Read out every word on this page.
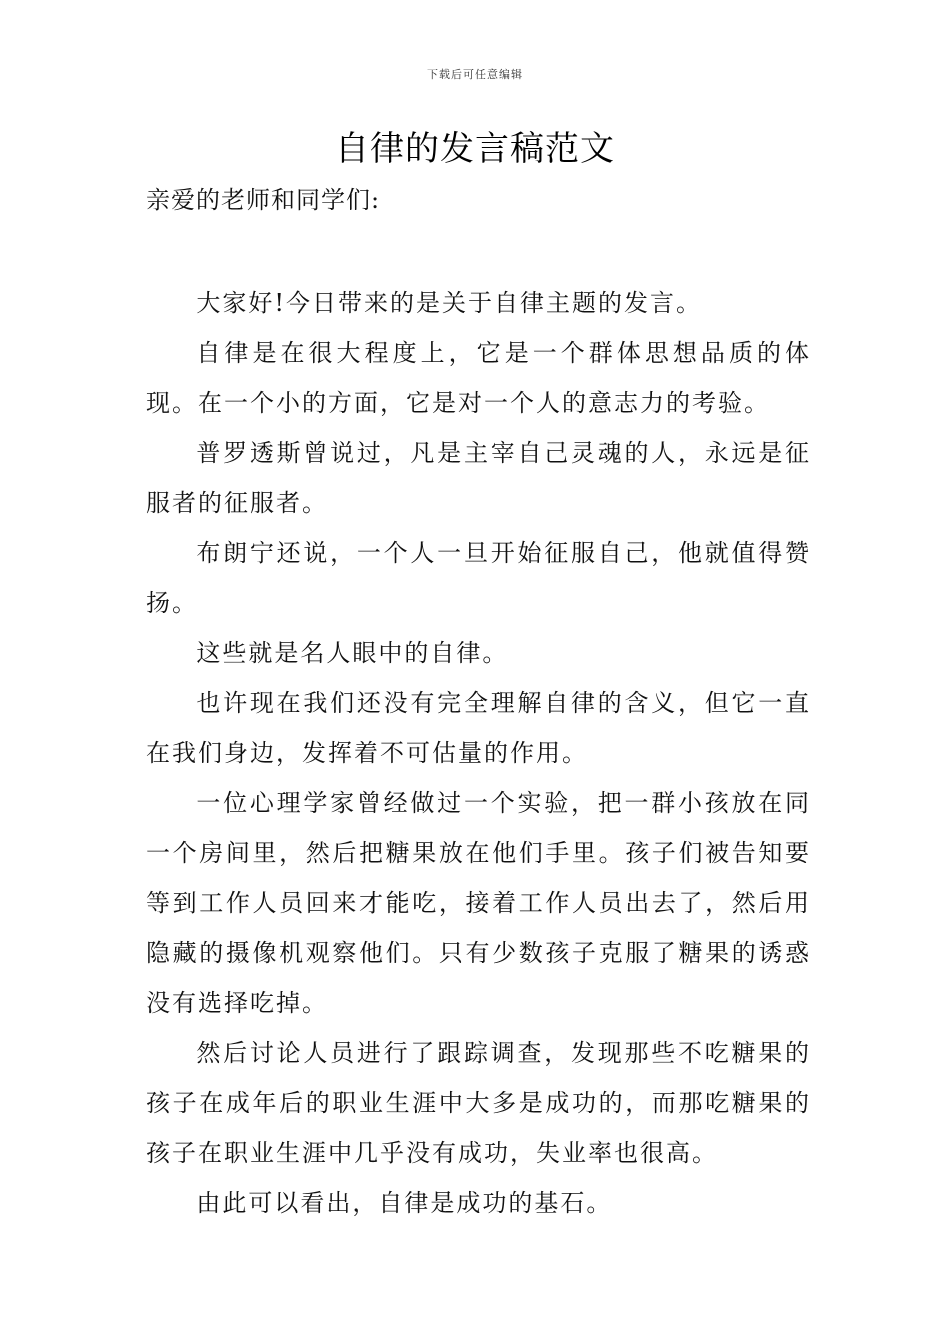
下载后可任意编辑
自律的发言稿范文
亲爱的老师和同学们:

大家好!今日带来的是关于自律主题的发言。

自律是在很大程度上，它是一个群体思想品质的体现。在一个小的方面，它是对一个人的意志力的考验。

普罗透斯曾说过，凡是主宰自己灵魂的人，永远是征服者的征服者。

布朗宁还说，一个人一旦开始征服自己，他就值得赞扬。

这些就是名人眼中的自律。

也许现在我们还没有完全理解自律的含义，但它一直在我们身边，发挥着不可估量的作用。

一位心理学家曾经做过一个实验，把一群小孩放在同一个房间里，然后把糖果放在他们手里。孩子们被告知要等到工作人员回来才能吃，接着工作人员出去了，然后用隐藏的摄像机观察他们。只有少数孩子克服了糖果的诱惑没有选择吃掉。

然后讨论人员进行了跟踪调查，发现那些不吃糖果的孩子在成年后的职业生涯中大多是成功的，而那吃糖果的孩子在职业生涯中几乎没有成功，失业率也很高。

由此可以看出，自律是成功的基石。
